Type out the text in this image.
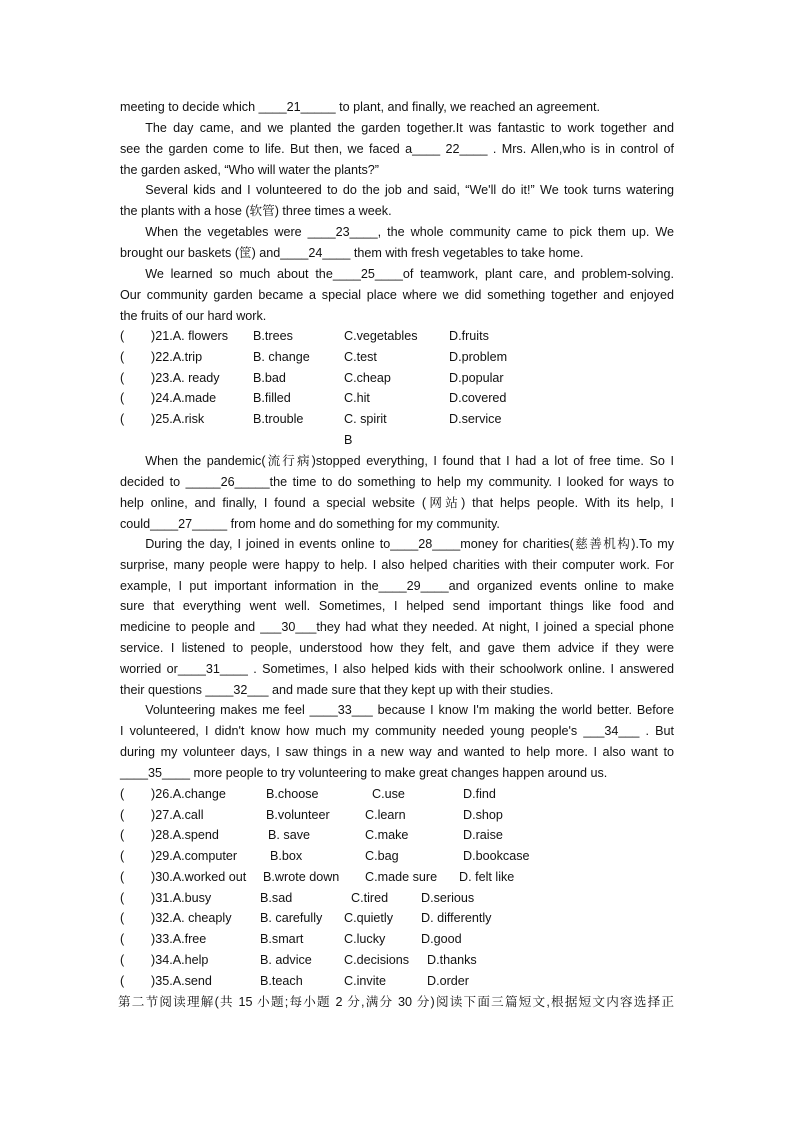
meeting to decide which ____21_____ to plant, and finally, we reached an agreement.
  The day came, and we planted the garden together.It was fantastic to work together and
see the garden come to life. But then, we faced a____ 22____ . Mrs. Allen,who is in control of
the garden asked, “Who will water the plants?”
  Several kids and I volunteered to do the job and said, “We'll do it!” We took turns watering
the plants with a hose (软管) three times a week.
  When the vegetables were ____23____, the whole community came to pick them up. We
brought our baskets (筐) and____24____ them with fresh vegetables to take home.
  We learned so much about the____25____of teamwork, plant care, and problem-solving.
Our community garden became a special place where we did something together and enjoyed
the fruits of our hard work.
( )21.A. flowers B.trees	C.vegetables D.fruits
( )22.A.trip	B. change	C.test	D.problem
( )23.A. ready	B.bad	C.cheap	D.popular
( )24.A.made	B.filled	C.hit	D.covered
( )25.A.risk	B.trouble	C. spirit	D.service
B
  When the pandemic(流行病)stopped everything, I found that I had a lot of free time. So I
decided to _____26_____the time to do something to help my community. I looked for ways to
help online, and finally, I found a special website (网站) that helps people. With its help, I
could____27_____ from home and do something for my community.
  During the day, I joined in events online to____28____money for charities(慈善机构).To my
surprise, many people were happy to help. I also helped charities with their computer work. For
example, I put important information in the____29____and organized events online to make
sure that everything went well. Sometimes, I helped send important things like food and
medicine to people and ___30___they had what they needed. At night, I joined a special phone
service. I listened to people, understood how they felt, and gave them advice if they were
worried or____31____ . Sometimes, I also helped kids with their schoolwork online. I answered
their questions ____32___ and made sure that they kept up with their studies.
  Volunteering makes me feel ____33___ because I know I'm making the world better. Before
I volunteered, I didn't know how much my community needed young people's ___34___ . But
during my volunteer days, I saw things in a new way and wanted to help more. I also want to
____35____ more people to try volunteering to make great changes happen around us.
( )26.A.change	B.choose	C.use	D.find
( )27.A.call	B.volunteer	C.learn	D.shop
( )28.A.spend	B. save	C.make	D.raise
( )29.A.computer	B.box	C.bag	D.bookcase
( )30.A.worked out B.wrote down C.made sure D. felt like
( )31.A.busy	B.sad	C.tired	D.serious
( )32.A. cheaply B. carefully C.quietly D. differently
( )33.A.free	B.smart	C.lucky	D.good
( )34.A.help	B. advice	C.decisions D.thanks
( )35.A.send	B.teach	C.invite	D.order
第二节阅读理解(共 15 小题;每小题 2 分,满分 30 分)阅读下面三篇短文,根据短文内容选择正
